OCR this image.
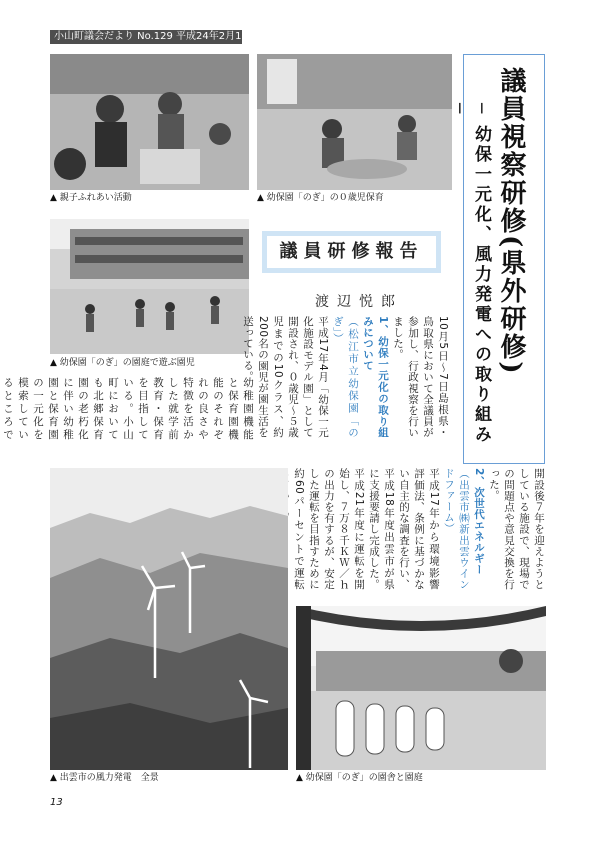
小山町議会だより No.129 平成24年2月1日発行
▲ 親子ふれあい活動	▲ 幼保園「のぎ」の０歳児保育
▲ 幼保園「のぎ」の園庭で遊ぶ園児	議員視察研修(県外研修)
─ 幼保一元化、風力発電への取り組み ─
議員研修報告
渡辺悦郎

10月5日〜7日島根県・鳥取県において全議員が参加し、行政視察を行いました。

1、幼保一元化の取り組みについて

（松江市立幼保園「のぎ」）

平成17年4月「幼保一元化施設モデル園」として開設され、０歳児〜５歳児までの10クラス、約200名の園児が園生活を送っている。

幼稚園機能と保育園機能のそれぞれの良さや特徴を活かした就学前教育・保育を目指している。小山町においても北郷保育園の老朽化に伴い幼稚園と保育園の一元化を模索しているところで

開設後７年を迎えようとしている施設で、現場での問題点や意見交換を行った。

2、次世代エネルギー

（出雲市㈱新出雲ウインドファーム）

平成17年から環境影響評価法、条例に基づかない自主的な調査を行い、平成18年度出雲市が県に支援要請し完成した。平成21年度に運転を開始し、７万８千ＫＷ／ｈの出力を有するが、安定した運転を目指すために約60パーセントで運転

▲ 出雲市の風力発電　全景	▲ 幼保園「のぎ」の園舎と園庭
13
